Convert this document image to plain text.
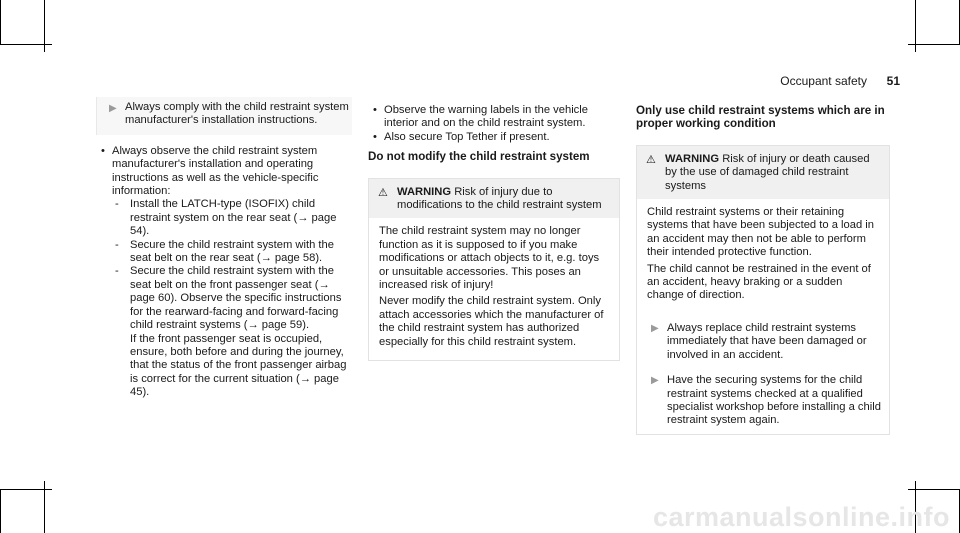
Occupant safety 51
▶ Always comply with the child restraint system manufacturer's installation instructions.
• Always observe the child restraint system manufacturer's installation and operating instructions as well as the vehicle-specific information:
- Install the LATCH-type (ISOFIX) child restraint system on the rear seat (→ page 54).
- Secure the child restraint system with the seat belt on the rear seat (→ page 58).
- Secure the child restraint system with the seat belt on the front passenger seat (→ page 60). Observe the specific instructions for the rearward-facing and forward-facing child restraint systems (→ page 59).
If the front passenger seat is occupied, ensure, both before and during the journey, that the status of the front passenger airbag is correct for the current situation (→ page 45).
• Observe the warning labels in the vehicle interior and on the child restraint system.
• Also secure Top Tether if present.
Do not modify the child restraint system
⚠ WARNING Risk of injury due to modifications to the child restraint system

The child restraint system may no longer function as it is supposed to if you make modifications or attach objects to it, e.g. toys or unsuitable accessories. This poses an increased risk of injury!

Never modify the child restraint system. Only attach accessories which the manufacturer of the child restraint system has authorized especially for this child restraint system.

Only use child restraint systems which are in proper working condition
⚠ WARNING Risk of injury or death caused by the use of damaged child restraint systems

Child restraint systems or their retaining systems that have been subjected to a load in an accident may then not be able to perform their intended protective function.

The child cannot be restrained in the event of an accident, heavy braking or a sudden change of direction.

▶ Always replace child restraint systems immediately that have been damaged or involved in an accident.
▶ Have the securing systems for the child restraint systems checked at a qualified specialist workshop before installing a child restraint system again.
carmanualsonline.info
